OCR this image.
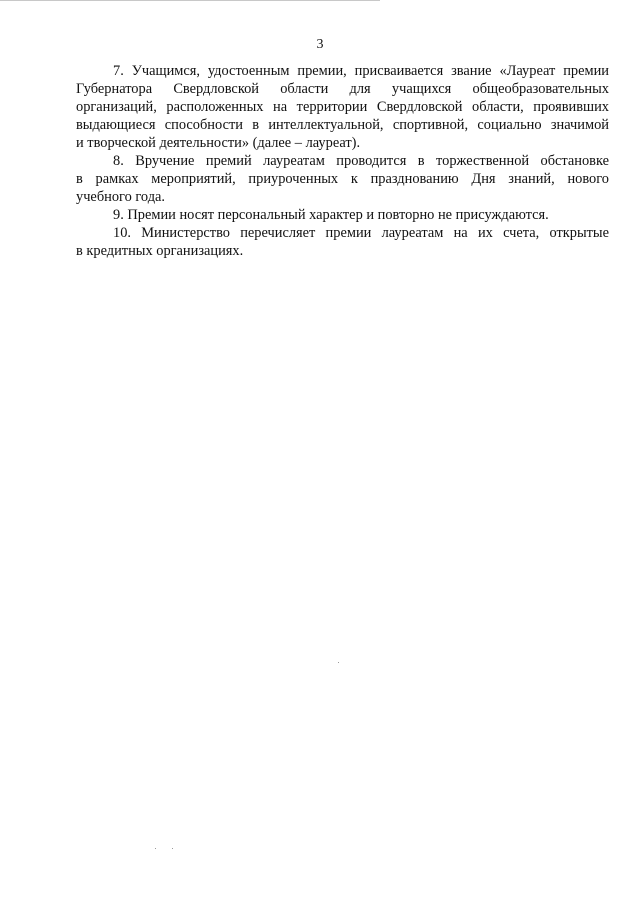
3

7. Учащимся, удостоенным премии, присваивается звание «Лауреат премии
Губернатора Свердловской области для учащихся общеобразовательных
организаций, расположенных на территории Свердловской области, проявивших
выдающиеся способности в интеллектуальной, спортивной, социально значимой
и творческой деятельности» (далее – лауреат).

8. Вручение премий лауреатам проводится в торжественной обстановке
в рамках мероприятий, приуроченных к празднованию Дня знаний, нового
учебного года.

9. Премии носят персональный характер и повторно не присуждаются.

10. Министерство перечисляет премии лауреатам на их счета, открытые
в кредитных организациях.
